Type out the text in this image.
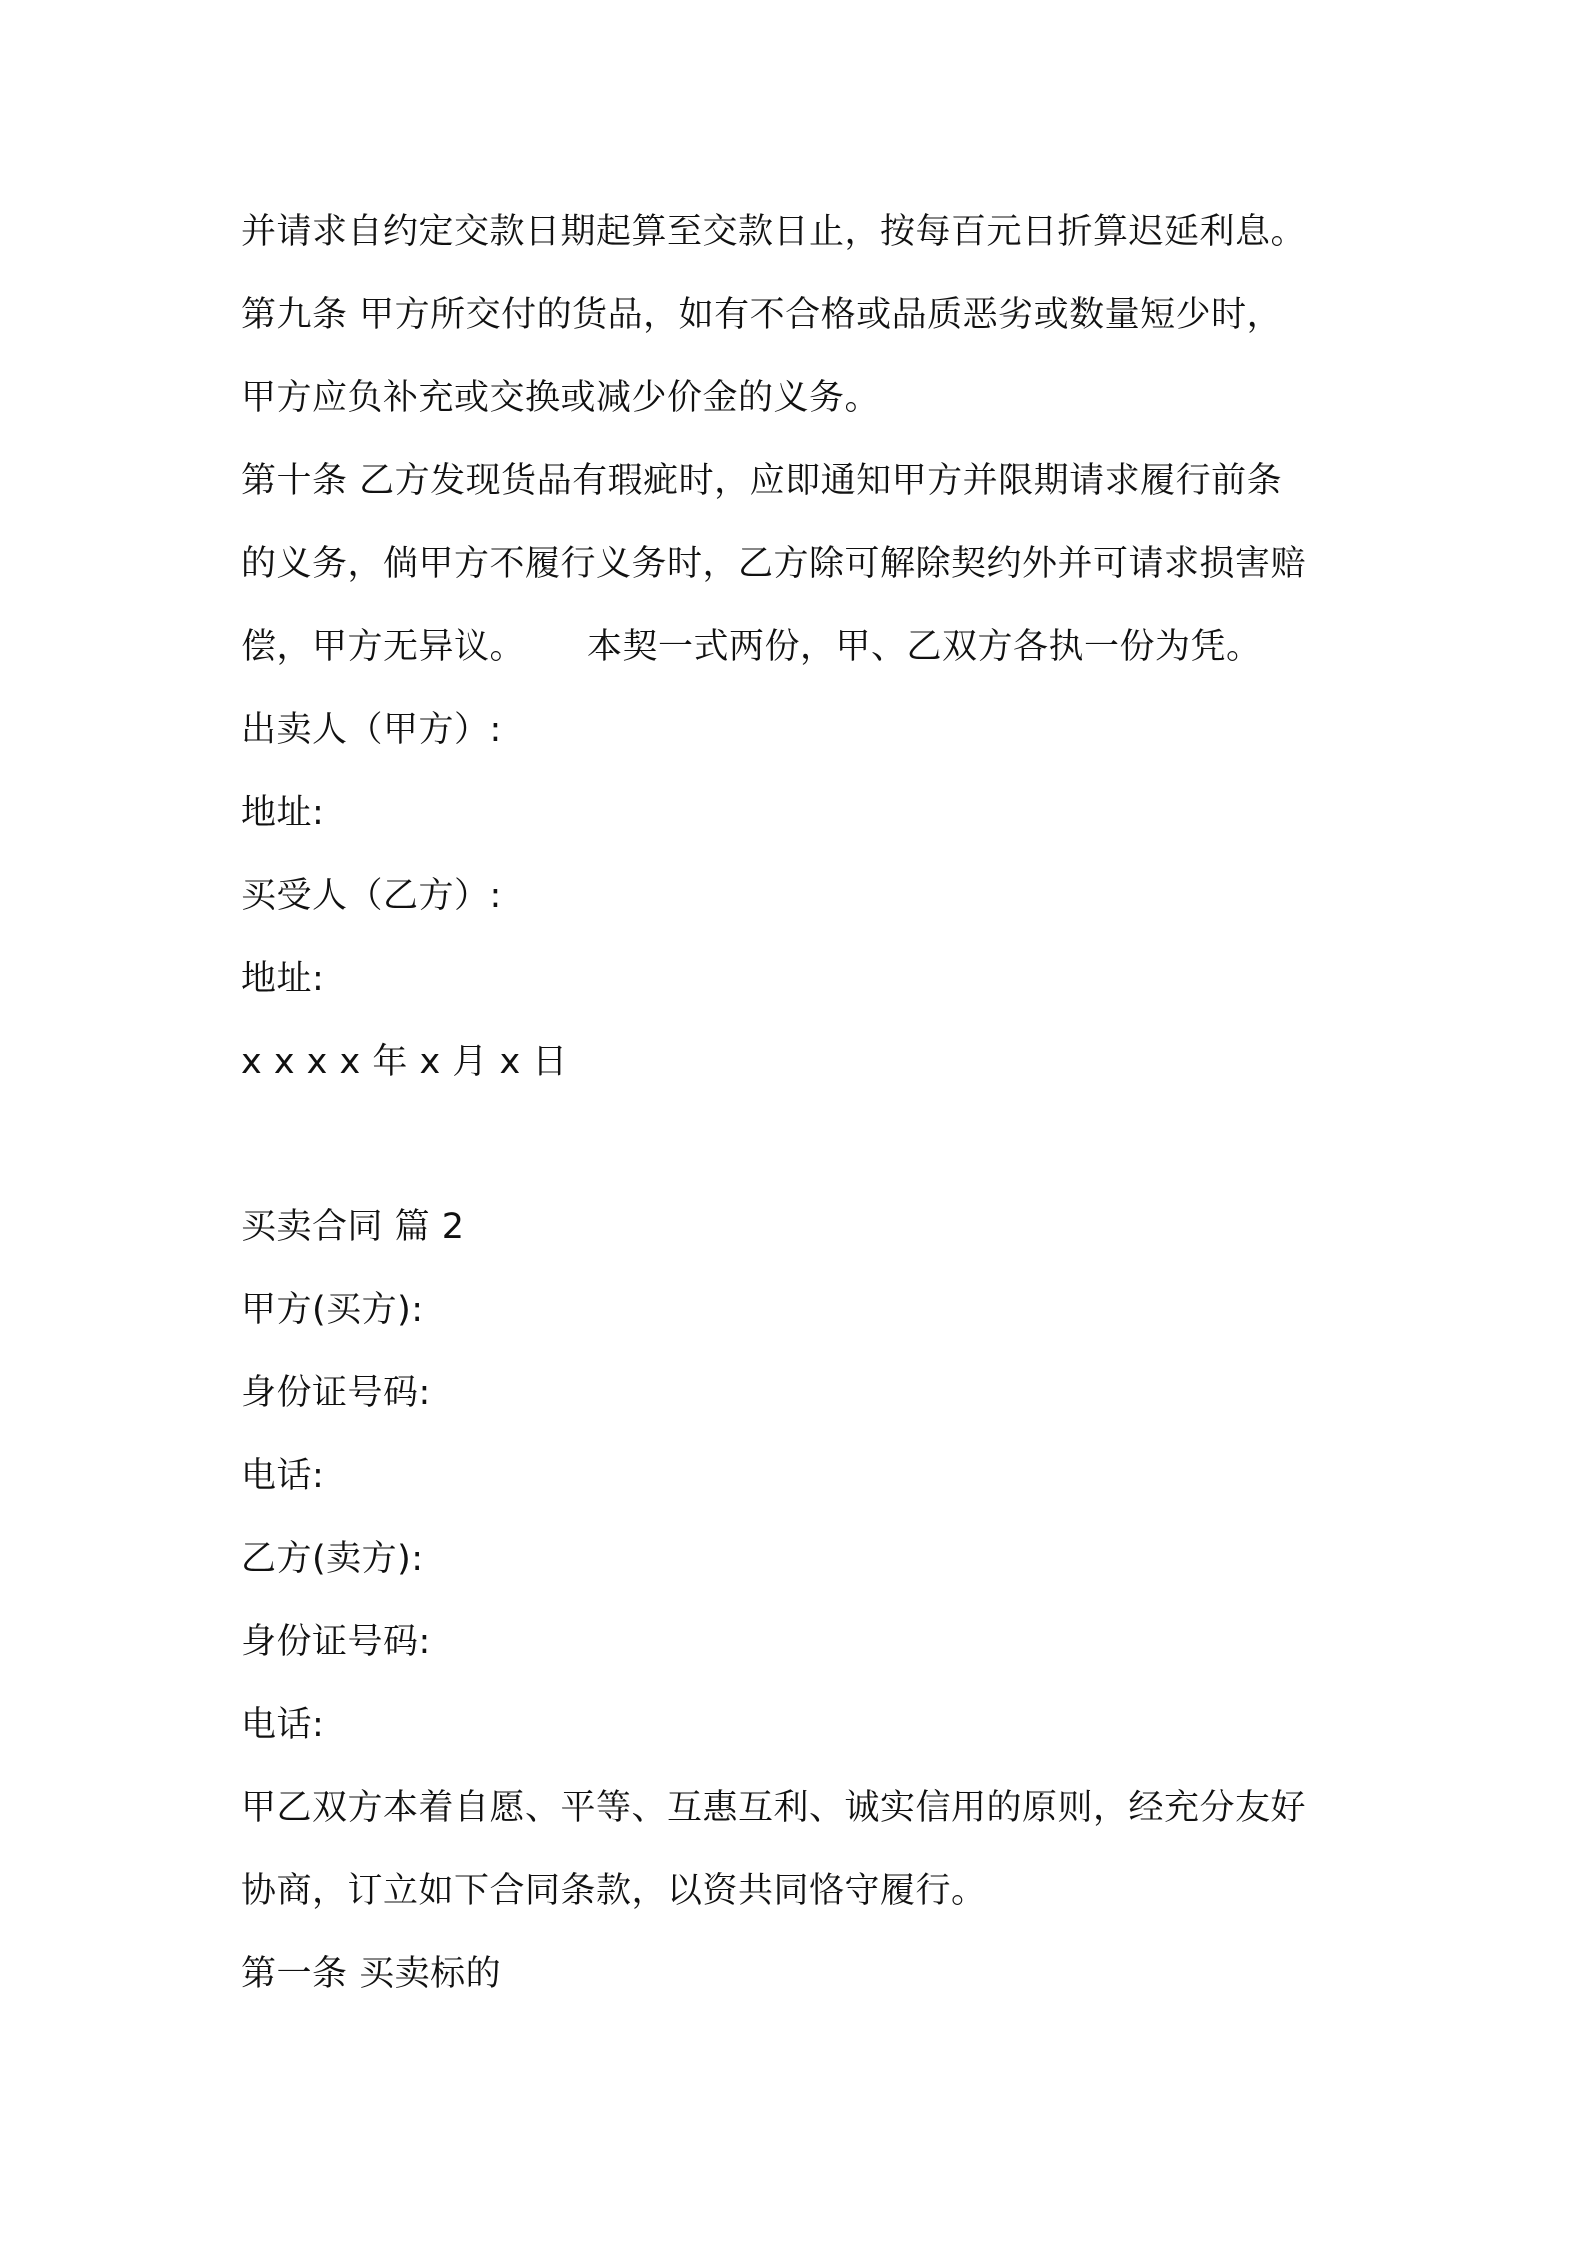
并请求自约定交款日期起算至交款日止，按每百元日折算迟延利息。
第九条 甲方所交付的货品，如有不合格或品质恶劣或数量短少时，
甲方应负补充或交换或减少价金的义务。
第十条 乙方发现货品有瑕疵时，应即通知甲方并限期请求履行前条
的义务，倘甲方不履行义务时，乙方除可解除契约外并可请求损害赔
偿，甲方无异议。 本契一式两份，甲、乙双方各执一份为凭。
出卖人（甲方）:
地址:
买受人（乙方）:
地址:
x x x x 年 x 月 x 日
买卖合同 篇 2
甲方(买方):
身份证号码:
电话:
乙方(卖方):
身份证号码:
电话:
甲乙双方本着自愿、平等、互惠互利、诚实信用的原则，经充分友好
协商，订立如下合同条款，以资共同恪守履行。
第一条 买卖标的
